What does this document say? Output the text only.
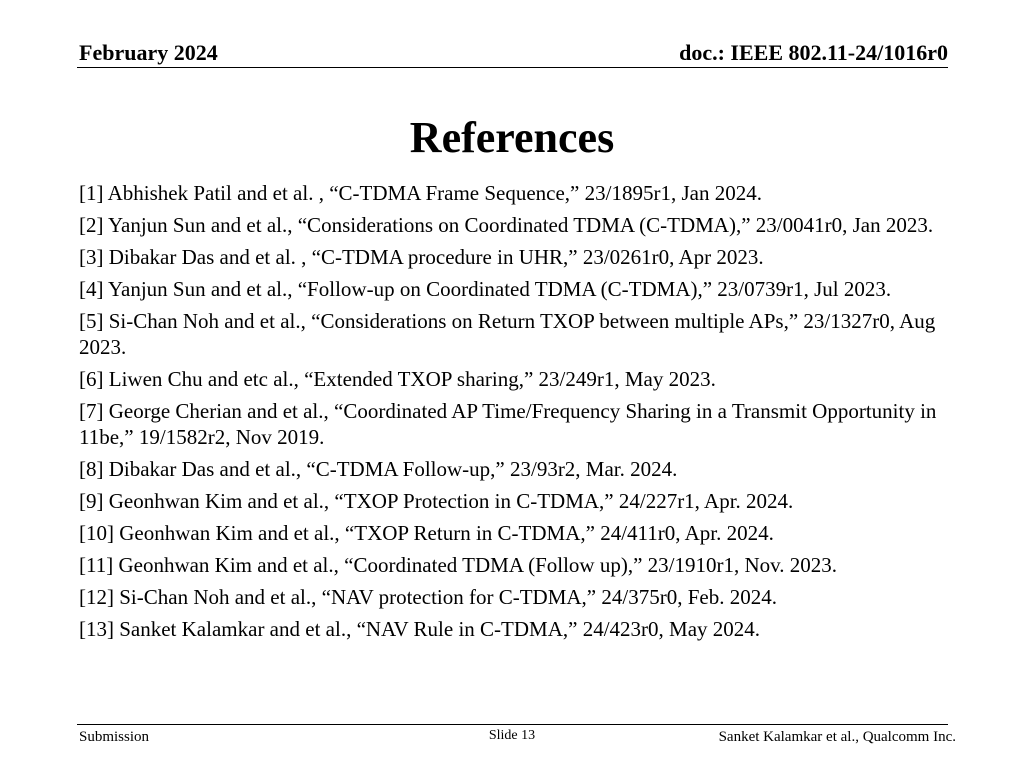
February 2024	doc.: IEEE 802.11-24/1016r0
References
[1] Abhishek Patil and et al. , “C-TDMA Frame Sequence,” 23/1895r1, Jan 2024.
[2] Yanjun Sun and et al., “Considerations on Coordinated TDMA (C-TDMA),” 23/0041r0, Jan 2023.
[3] Dibakar Das and et al. , “C-TDMA procedure in UHR,” 23/0261r0, Apr 2023.
[4] Yanjun Sun and et al., “Follow-up on Coordinated TDMA (C-TDMA),” 23/0739r1, Jul 2023.
[5] Si-Chan Noh and et al., “Considerations on Return TXOP between multiple APs,” 23/1327r0, Aug 2023.
[6] Liwen Chu and etc al., “Extended TXOP sharing,” 23/249r1, May 2023.
[7] George Cherian and et al., “Coordinated AP Time/Frequency Sharing in a Transmit Opportunity in 11be,” 19/1582r2, Nov 2019.
[8] Dibakar Das and et al., “C-TDMA Follow-up,” 23/93r2, Mar. 2024.
[9] Geonhwan Kim and et al., “TXOP Protection in C-TDMA,” 24/227r1, Apr. 2024.
[10] Geonhwan Kim and et al., “TXOP Return in C-TDMA,” 24/411r0, Apr. 2024.
[11] Geonhwan Kim and et al., “Coordinated TDMA (Follow up),” 23/1910r1, Nov. 2023.
[12] Si-Chan Noh and et al., “NAV protection for C-TDMA,” 24/375r0, Feb. 2024.
[13] Sanket Kalamkar and et al., “NAV Rule in C-TDMA,” 24/423r0, May 2024.
Submission	Slide 13	Sanket Kalamkar et al., Qualcomm Inc.
